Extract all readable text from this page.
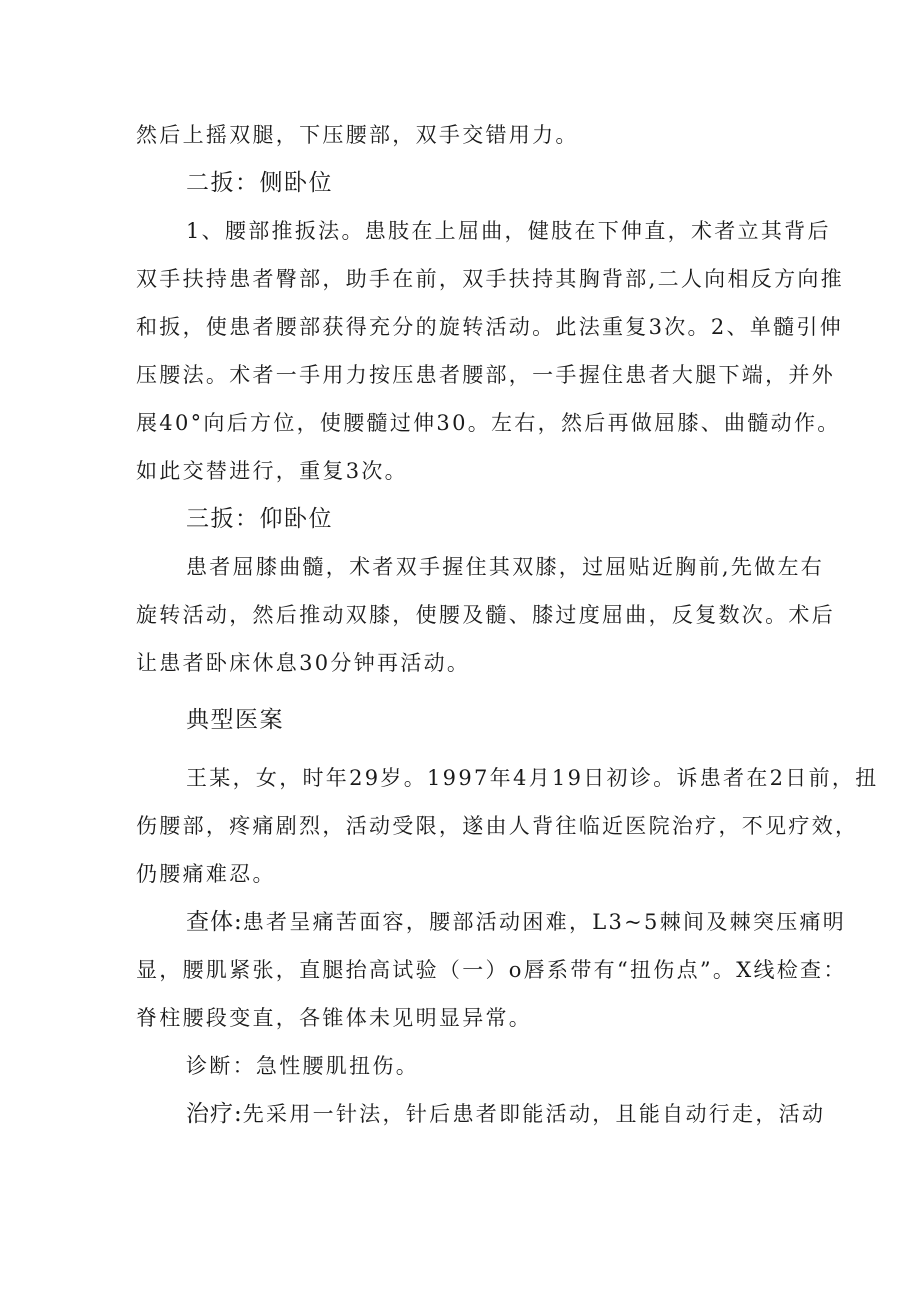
然后上摇双腿，下压腰部，双手交错用力。
二扳：侧卧位
1、腰部推扳法。患肢在上屈曲，健肢在下伸直，术者立其背后
双手扶持患者臀部，助手在前，双手扶持其胸背部,二人向相反方向推
和扳，使患者腰部获得充分的旋转活动。此法重复3次。2、单髓引伸
压腰法。术者一手用力按压患者腰部，一手握住患者大腿下端，并外
展40°向后方位，使腰髓过伸30。左右，然后再做屈膝、曲髓动作。
如此交替进行，重复3次。
三扳：仰卧位
患者屈膝曲髓，术者双手握住其双膝，过屈贴近胸前,先做左右
旋转活动，然后推动双膝，使腰及髓、膝过度屈曲，反复数次。术后
让患者卧床休息30分钟再活动。
典型医案
王某，女，时年29岁。1997年4月19日初诊。诉患者在2日前，扭
伤腰部，疼痛剧烈，活动受限，遂由人背往临近医院治疗，不见疗效，
仍腰痛难忍。
查体:患者呈痛苦面容，腰部活动困难，L3~5棘间及棘突压痛明
显，腰肌紧张，直腿抬高试验（一）o唇系带有“扭伤点”。X线检查：
脊柱腰段变直，各锥体未见明显异常。
诊断：急性腰肌扭伤。
治疗:先采用一针法，针后患者即能活动，且能自动行走，活动
